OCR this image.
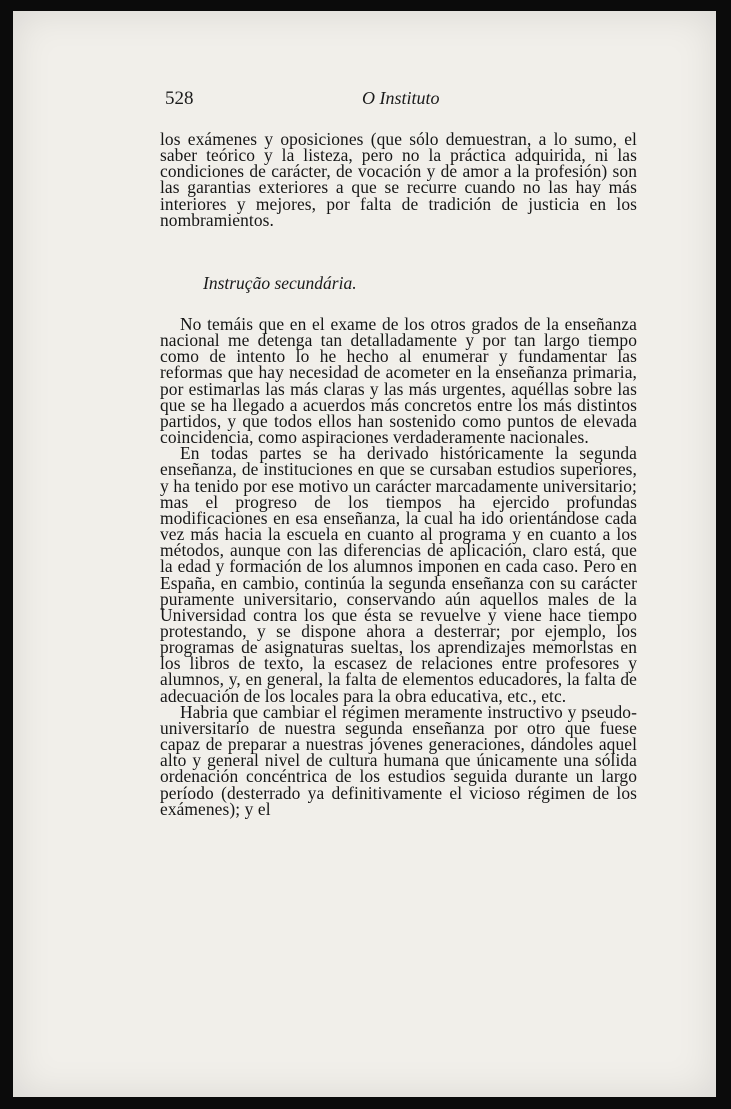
528	O Instituto

los exámenes y oposiciones (que sólo demuestran, a lo sumo, el saber teórico y la listeza, pero no la práctica adquirida, ni las condiciones de carácter, de vocación y de amor a la profesión) son las garantias exteriores a que se recurre cuando no las hay más interiores y mejores, por falta de tradición de justicia en los nombramientos.

Instrução secundária.

No temáis que en el exame de los otros grados de la enseñanza nacional me detenga tan detalladamente y por tan largo tiempo como de intento lo he hecho al enumerar y fundamentar las reformas que hay necesidad de acometer en la enseñanza primaria, por estimarlas las más claras y las más urgentes, aquéllas sobre las que se ha llegado a acuerdos más concretos entre los más distintos partidos, y que todos ellos han sostenido como puntos de elevada coincidencia, como aspiraciones verdaderamente nacionales.

En todas partes se ha derivado históricamente la segunda enseñanza, de instituciones en que se cursaban estudios superiores, y ha tenido por ese motivo un carácter marcadamente universitario; mas el progreso de los tiempos ha ejercido profundas modificaciones en esa enseñanza, la cual ha ido orientándose cada vez más hacia la escuela en cuanto al programa y en cuanto a los métodos, aunque con las diferencias de aplicación, claro está, que la edad y formación de los alumnos imponen en cada caso. Pero en España, en cambio, continúa la segunda enseñanza con su carácter puramente universitario, conservando aún aquellos males de la Universidad contra los que ésta se revuelve y viene hace tiempo protestando, y se dispone ahora a desterrar; por ejemplo, los programas de asignaturas sueltas, los aprendizajes memorlstas en los libros de texto, la escasez de relaciones entre profesores y alumnos, y, en general, la falta de elementos educadores, la falta de adecuación de los locales para la obra educativa, etc., etc.

Habria que cambiar el régimen meramente instructivo y pseudo-universitario de nuestra segunda enseñanza por otro que fuese capaz de preparar a nuestras jóvenes generaciones, dándoles aquel alto y general nivel de cultura humana que únicamente una sólida ordenación concéntrica de los estudios seguida durante un largo período (desterrado ya definitivamente el vicioso régimen de los exámenes); y el
